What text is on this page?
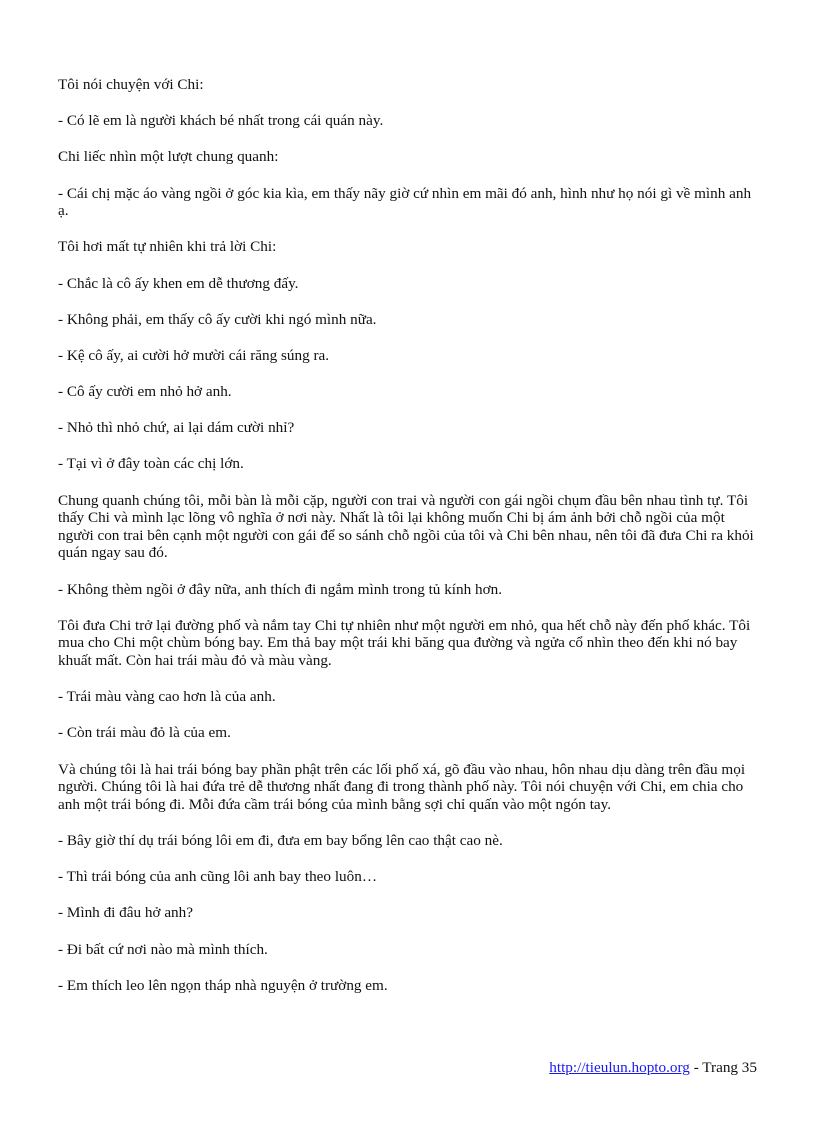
Tôi nói chuyện với Chi:

- Có lẽ em là người khách bé nhất trong cái quán này.

Chi liếc nhìn một lượt chung quanh:

- Cái chị mặc áo vàng ngồi ở góc kia kìa, em thấy nãy giờ cứ nhìn em mãi đó anh, hình như họ nói gì về mình anh ạ.

Tôi hơi mất tự nhiên khi trả lời Chi:

- Chắc là cô ấy khen em dễ thương đấy.

- Không phải, em thấy cô ấy cười khi ngó mình nữa.

- Kệ cô ấy, ai cười hở mười cái răng súng ra.

- Cô ấy cười em nhỏ hở anh.

- Nhỏ thì nhỏ chứ, ai lại dám cười nhỉ?

- Tại vì ở đây toàn các chị lớn.

Chung quanh chúng tôi, mỗi bàn là mỗi cặp, người con trai và người con gái ngồi chụm đầu bên nhau tình tự. Tôi thấy Chi và mình lạc lõng vô nghĩa ở nơi này. Nhất là tôi lại không muốn Chi bị ám ảnh bởi chỗ ngồi của một người con trai bên cạnh một người con gái để so sánh chỗ ngồi của tôi và Chi bên nhau, nên tôi đã đưa Chi ra khỏi quán ngay sau đó.

- Không thèm ngồi ở đây nữa, anh thích đi ngắm mình trong tủ kính hơn.

Tôi đưa Chi trở lại đường phố và nắm tay Chi tự nhiên như một người em nhỏ, qua hết chỗ này đến phố khác. Tôi mua cho Chi một chùm bóng bay. Em thả bay một trái khi băng qua đường và ngửa cổ nhìn theo đến khi nó bay khuất mất. Còn hai trái màu đỏ và màu vàng.

- Trái màu vàng cao hơn là của anh.

- Còn trái màu đỏ là của em.

Và chúng tôi là hai trái bóng bay phần phật trên các lối phố xá, gõ đầu vào nhau, hôn nhau dịu dàng trên đầu mọi người. Chúng tôi là hai đứa trẻ dễ thương nhất đang đi trong thành phố này. Tôi nói chuyện với Chi, em chia cho anh một trái bóng đi. Mỗi đứa cầm trái bóng của mình bằng sợi chỉ quấn vào một ngón tay.

- Bây giờ thí dụ trái bóng lôi em đi, đưa em bay bổng lên cao thật cao nè.

- Thì trái bóng của anh cũng lôi anh bay theo luôn…

- Mình đi đâu hở anh?

- Đi bất cứ nơi nào mà mình thích.

- Em thích leo lên ngọn tháp nhà nguyện ở trường em.

http://tieulun.hopto.org - Trang 35
